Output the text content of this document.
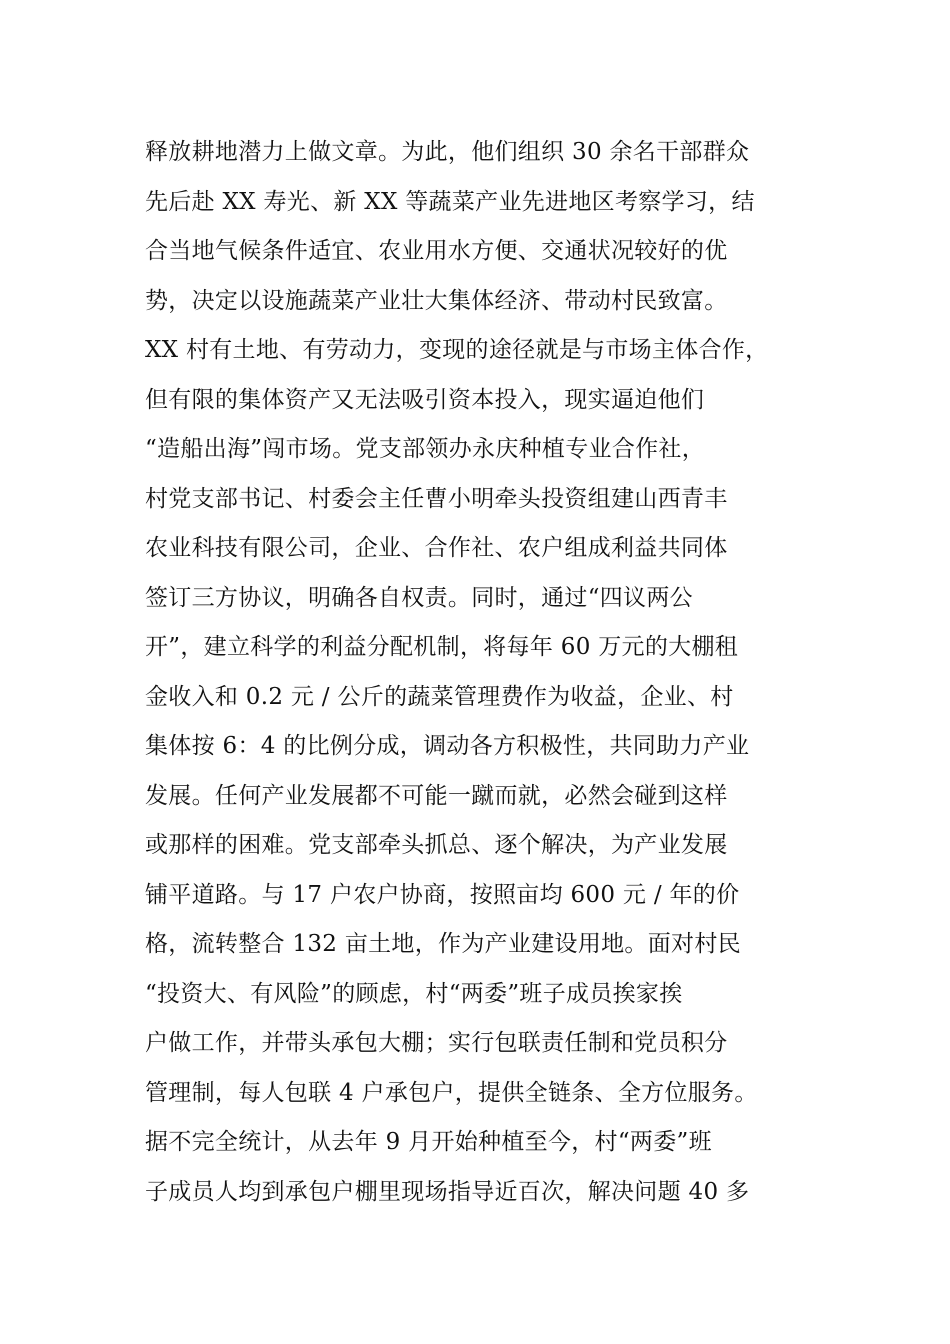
释放耕地潜力上做文章。为此，他们组织 30 余名干部群众
先后赴 XX 寿光、新 XX 等蔬菜产业先进地区考察学习，结
合当地气候条件适宜、农业用水方便、交通状况较好的优
势，决定以设施蔬菜产业壮大集体经济、带动村民致富。
XX 村有土地、有劳动力，变现的途径就是与市场主体合作，
但有限的集体资产又无法吸引资本投入，现实逼迫他们
“造船出海”闯市场。党支部领办永庆种植专业合作社，
村党支部书记、村委会主任曹小明牵头投资组建山西青丰
农业科技有限公司，企业、合作社、农户组成利益共同体
签订三方协议，明确各自权责。同时，通过“四议两公
开”，建立科学的利益分配机制，将每年 60 万元的大棚租
金收入和 0.2 元 / 公斤的蔬菜管理费作为收益，企业、村
集体按 6：4 的比例分成，调动各方积极性，共同助力产业
发展。任何产业发展都不可能一蹴而就，必然会碰到这样
或那样的困难。党支部牵头抓总、逐个解决，为产业发展
铺平道路。与 17 户农户协商，按照亩均 600 元 / 年的价
格，流转整合 132 亩土地，作为产业建设用地。面对村民
“投资大、有风险”的顾虑，村“两委”班子成员挨家挨
户做工作，并带头承包大棚；实行包联责任制和党员积分
管理制，每人包联 4 户承包户，提供全链条、全方位服务。
据不完全统计，从去年 9 月开始种植至今，村“两委”班
子成员人均到承包户棚里现场指导近百次，解决问题 40 多
